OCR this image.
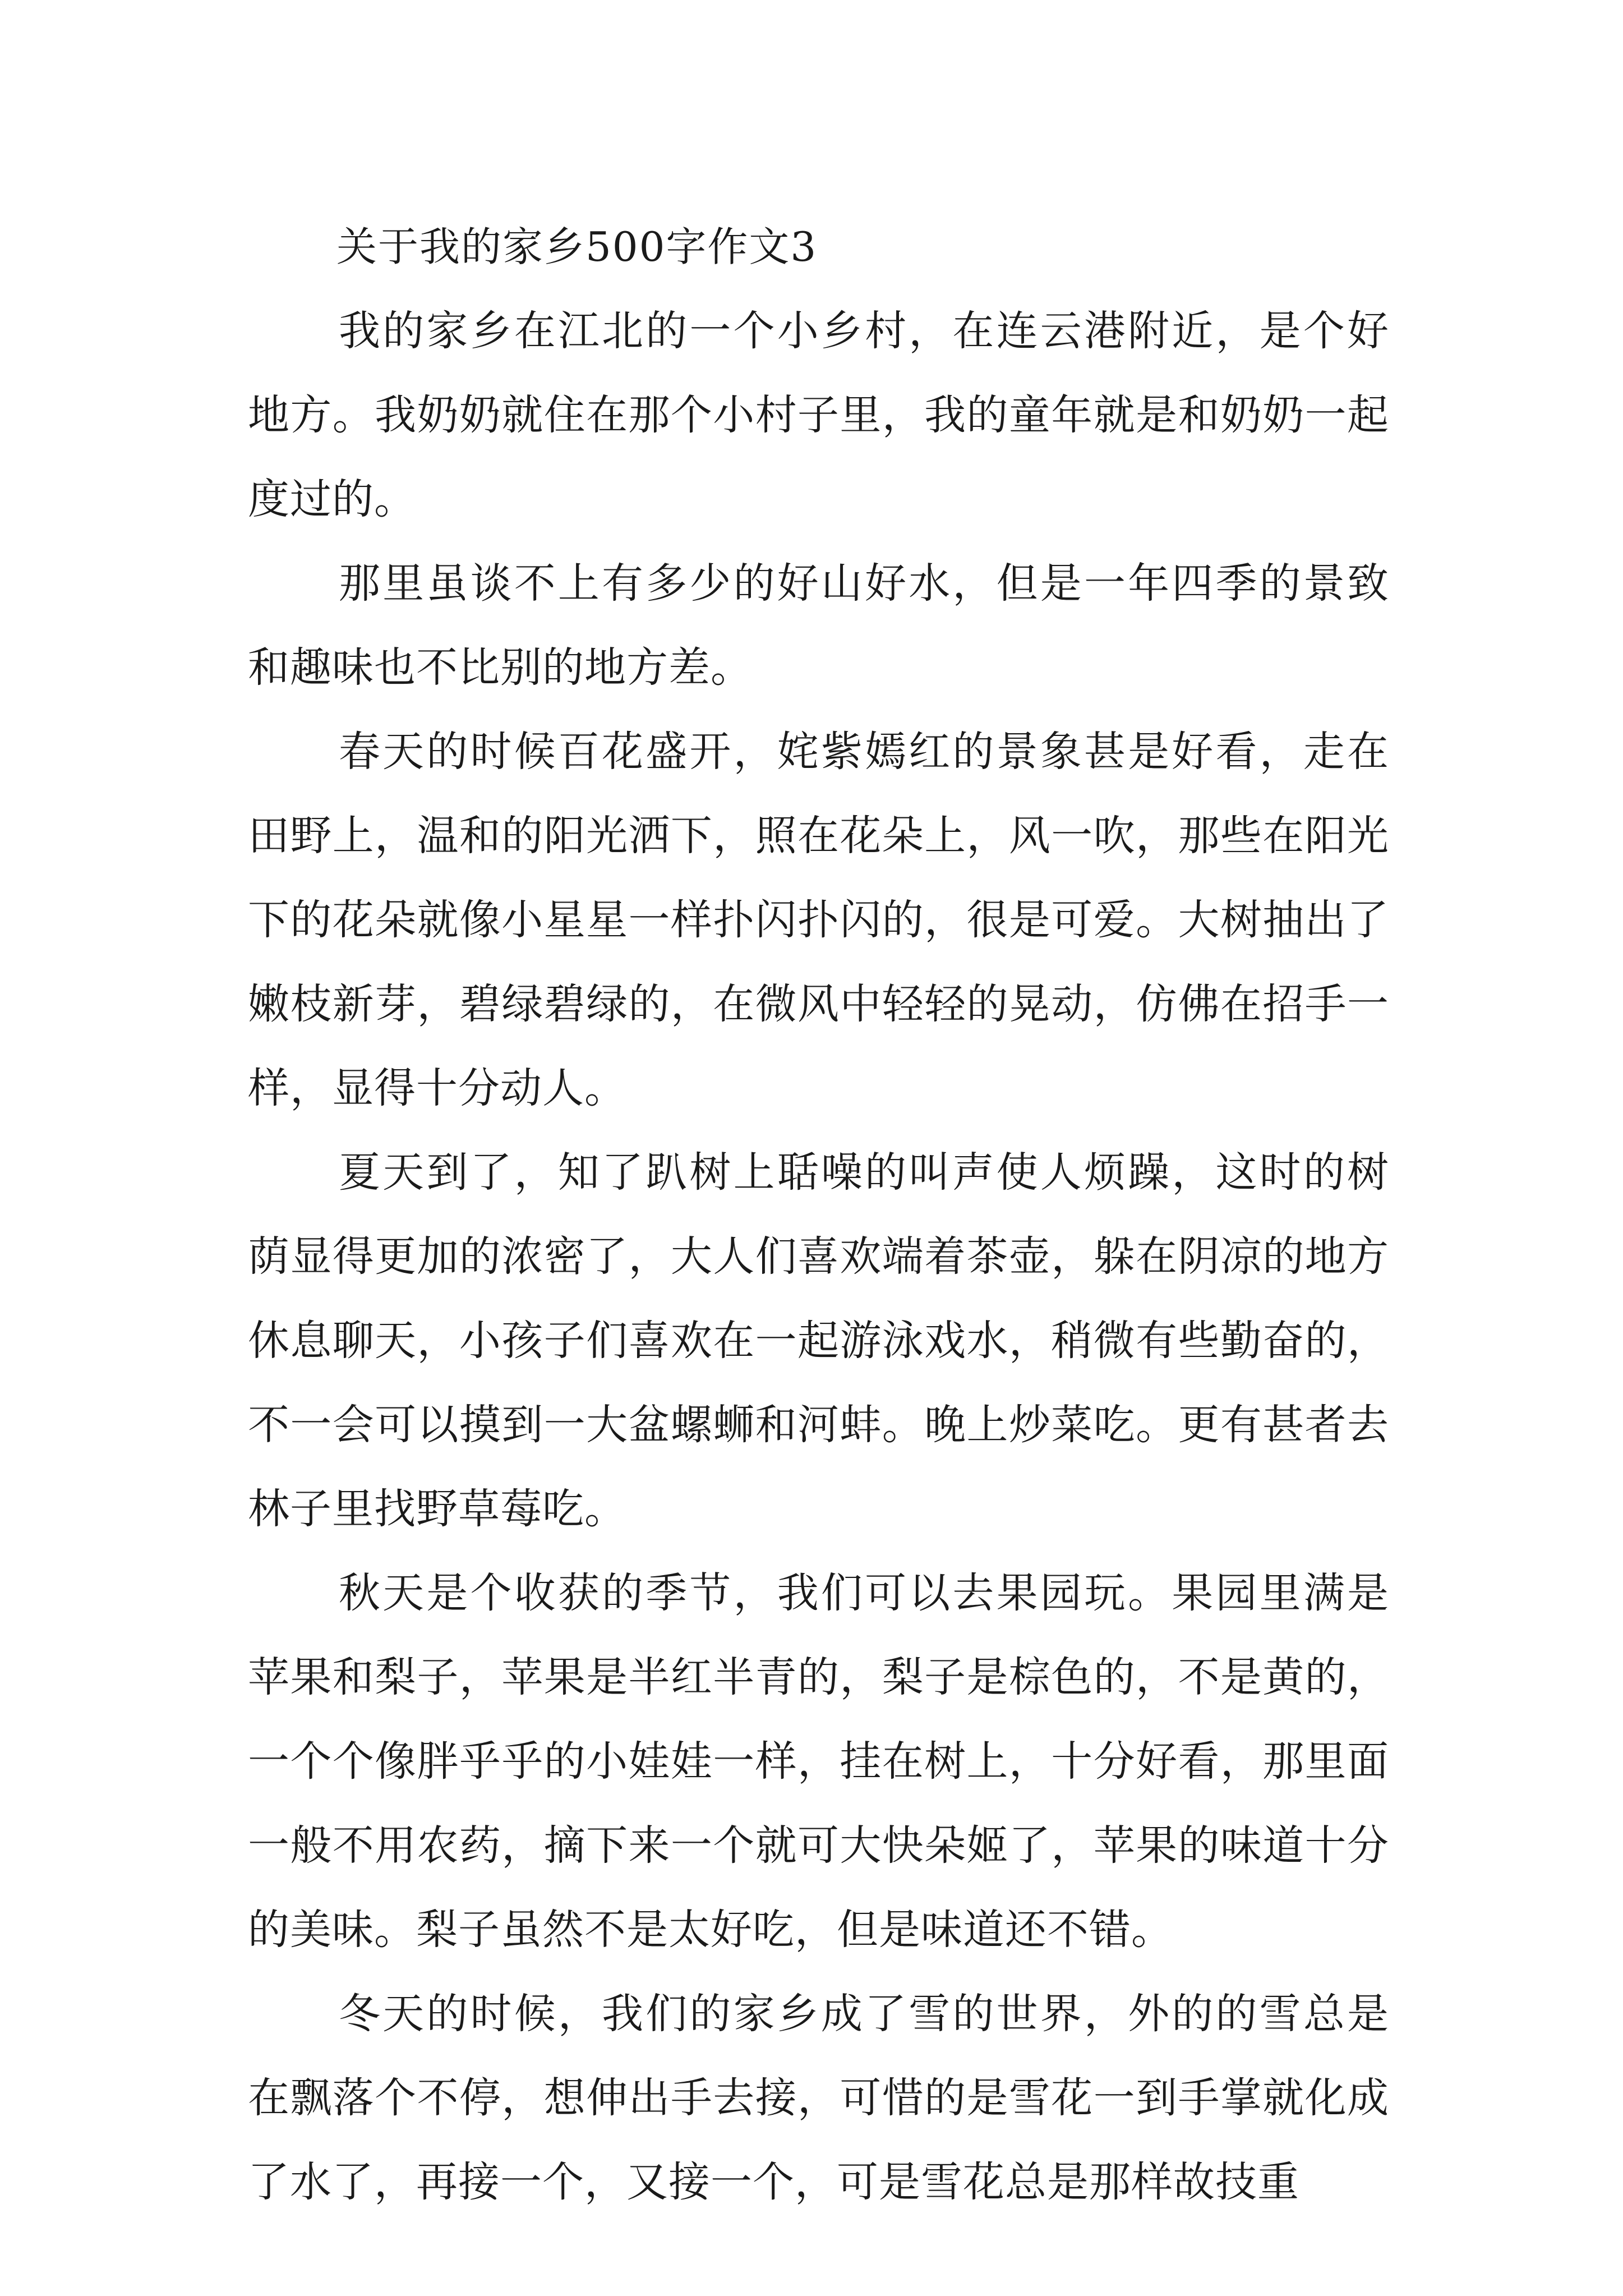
关于我的家乡500字作文3

我的家乡在江北的一个小乡村，在连云港附近，是个好地方。我奶奶就住在那个小村子里，我的童年就是和奶奶一起度过的。

那里虽谈不上有多少的好山好水，但是一年四季的景致和趣味也不比别的地方差。

春天的时候百花盛开，姹紫嫣红的景象甚是好看，走在田野上，温和的阳光洒下，照在花朵上，风一吹，那些在阳光下的花朵就像小星星一样扑闪扑闪的，很是可爱。大树抽出了嫩枝新芽，碧绿碧绿的，在微风中轻轻的晃动，仿佛在招手一样，显得十分动人。

夏天到了，知了趴树上聒噪的叫声使人烦躁，这时的树荫显得更加的浓密了，大人们喜欢端着茶壶，躲在阴凉的地方休息聊天，小孩子们喜欢在一起游泳戏水，稍微有些勤奋的，不一会可以摸到一大盆螺蛳和河蚌。晚上炒菜吃。更有甚者去林子里找野草莓吃。

秋天是个收获的季节，我们可以去果园玩。果园里满是苹果和梨子，苹果是半红半青的，梨子是棕色的，不是黄的，一个个像胖乎乎的小娃娃一样，挂在树上，十分好看，那里面一般不用农药，摘下来一个就可大快朵姬了，苹果的味道十分的美味。梨子虽然不是太好吃，但是味道还不错。

冬天的时候，我们的家乡成了雪的世界，外的的雪总是在飘落个不停，想伸出手去接，可惜的是雪花一到手掌就化成了水了，再接一个，又接一个，可是雪花总是那样故技重
